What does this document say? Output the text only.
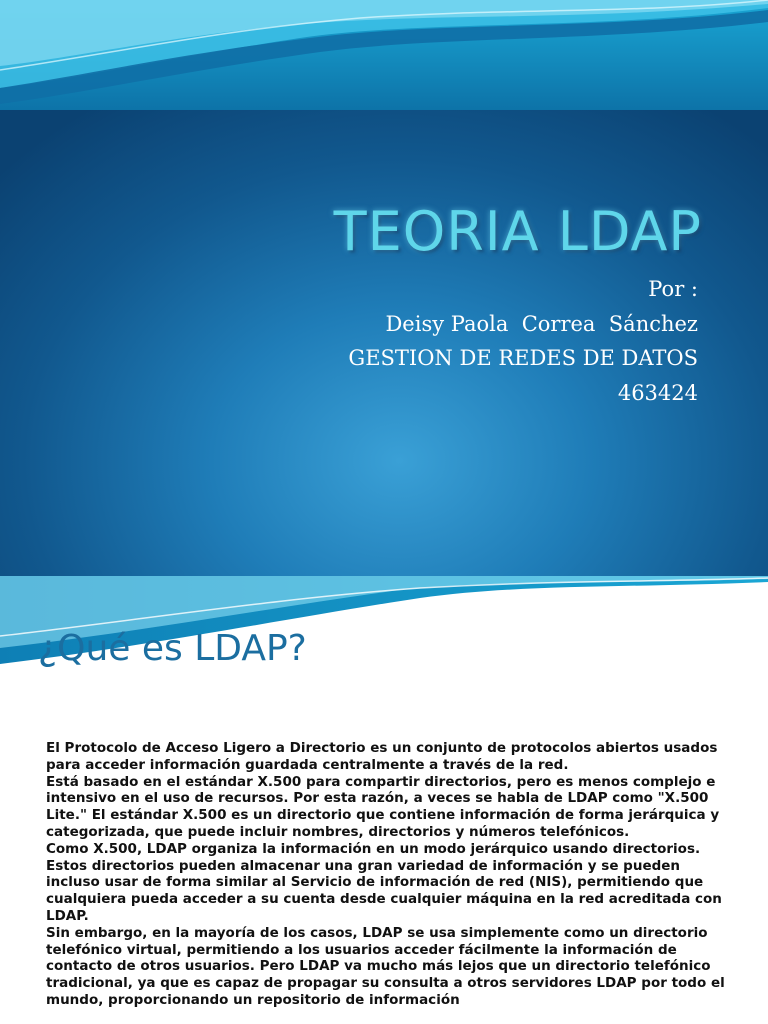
TEORIA LDAP
Por :
Deisy Paola  Correa  Sánchez
GESTION DE REDES DE DATOS
463424
¿Qué es LDAP?

El Protocolo de Acceso Ligero a Directorio es un conjunto de protocolos abiertos usados para acceder información guardada centralmente a través de la red.

Está basado en el estándar X.500 para compartir directorios, pero es menos complejo e intensivo en el uso de recursos. Por esta razón, a veces se habla de LDAP como "X.500 Lite." El estándar X.500 es un directorio que contiene información de forma jerárquica y categorizada, que puede incluir nombres, directorios y números telefónicos.

Como X.500, LDAP organiza la información en un modo jerárquico usando directorios. Estos directorios pueden almacenar una gran variedad de información y se pueden incluso usar de forma similar al Servicio de información de red (NIS), permitiendo que cualquiera pueda acceder a su cuenta desde cualquier máquina en la red acreditada con LDAP.

Sin embargo, en la mayoría de los casos, LDAP se usa simplemente como un directorio telefónico virtual, permitiendo a los usuarios acceder fácilmente la información de contacto de otros usuarios. Pero LDAP va mucho más lejos que un directorio telefónico tradicional, ya que es capaz de propagar su consulta a otros servidores LDAP por todo el mundo, proporcionando un repositorio de información
